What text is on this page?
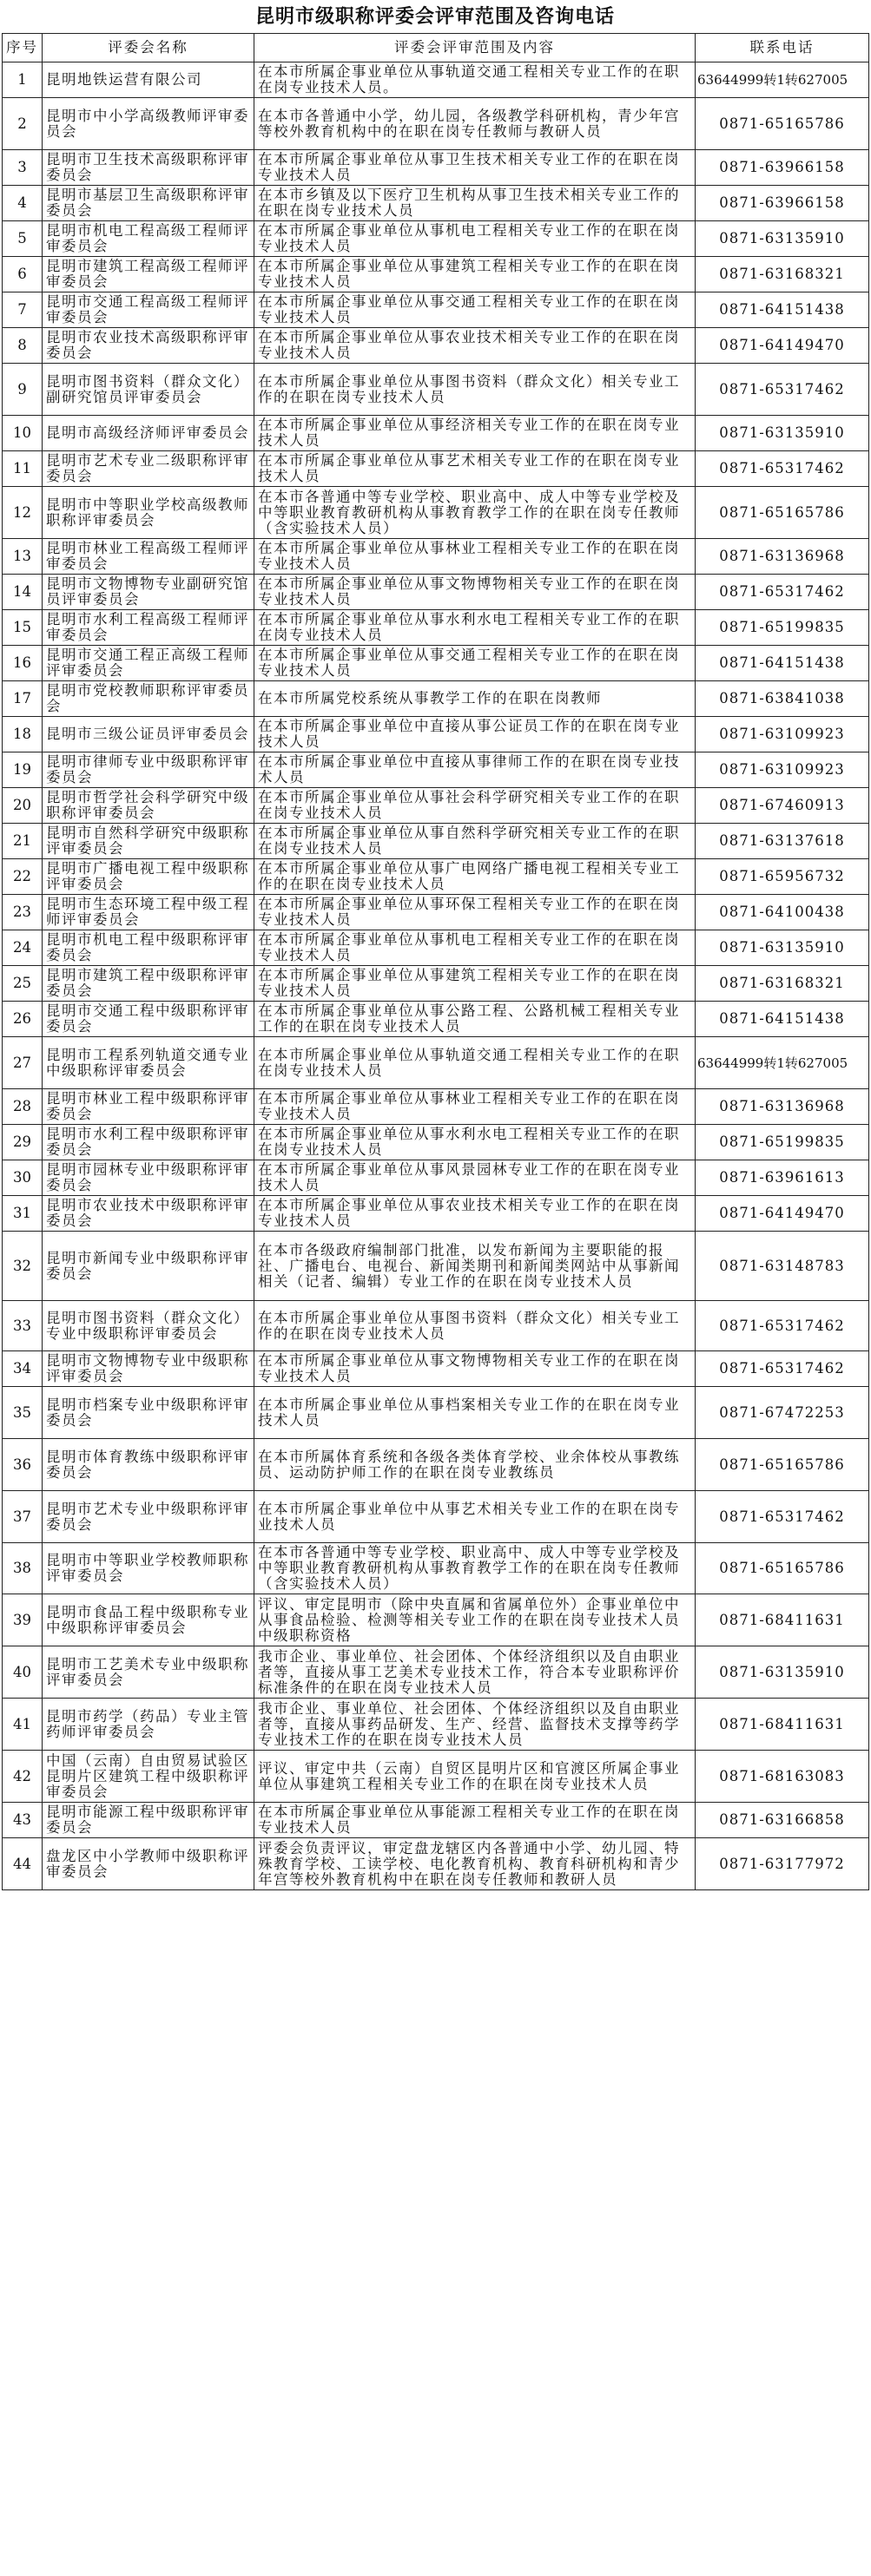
昆明市级职称评委会评审范围及咨询电话
序号	评委会名称	评委会评审范围及内容	联系电话
1	昆明地铁运营有限公司	在本市所属企事业单位从事轨道交通工程相关专业工作的在职在岗专业技术人员。	63644999转1转627005
2	昆明市中小学高级教师评审委员会	在本市各普通中小学，幼儿园，各级教学科研机构，青少年宫等校外教育机构中的在职在岗专任教师与教研人员	0871-65165786
3	昆明市卫生技术高级职称评审委员会	在本市所属企事业单位从事卫生技术相关专业工作的在职在岗专业技术人员	0871-63966158
4	昆明市基层卫生高级职称评审委员会	在本市乡镇及以下医疗卫生机构从事卫生技术相关专业工作的在职在岗专业技术人员	0871-63966158
5	昆明市机电工程高级工程师评审委员会	在本市所属企事业单位从事机电工程相关专业工作的在职在岗专业技术人员	0871-63135910
6	昆明市建筑工程高级工程师评审委员会	在本市所属企事业单位从事建筑工程相关专业工作的在职在岗专业技术人员	0871-63168321
7	昆明市交通工程高级工程师评审委员会	在本市所属企事业单位从事交通工程相关专业工作的在职在岗专业技术人员	0871-64151438
8	昆明市农业技术高级职称评审委员会	在本市所属企事业单位从事农业技术相关专业工作的在职在岗专业技术人员	0871-64149470
9	昆明市图书资料（群众文化）副研究馆员评审委员会	在本市所属企事业单位从事图书资料（群众文化）相关专业工作的在职在岗专业技术人员	0871-65317462
10	昆明市高级经济师评审委员会	在本市所属企事业单位从事经济相关专业工作的在职在岗专业技术人员	0871-63135910
11	昆明市艺术专业二级职称评审委员会	在本市所属企事业单位从事艺术相关专业工作的在职在岗专业技术人员	0871-65317462
12	昆明市中等职业学校高级教师职称评审委员会	在本市各普通中等专业学校、职业高中、成人中等专业学校及中等职业教育教研机构从事教育教学工作的在职在岗专任教师（含实验技术人员）	0871-65165786
13	昆明市林业工程高级工程师评审委员会	在本市所属企事业单位从事林业工程相关专业工作的在职在岗专业技术人员	0871-63136968
14	昆明市文物博物专业副研究馆员评审委员会	在本市所属企事业单位从事文物博物相关专业工作的在职在岗专业技术人员	0871-65317462
15	昆明市水利工程高级工程师评审委员会	在本市所属企事业单位从事水利水电工程相关专业工作的在职在岗专业技术人员	0871-65199835
16	昆明市交通工程正高级工程师评审委员会	在本市所属企事业单位从事交通工程相关专业工作的在职在岗专业技术人员	0871-64151438
17	昆明市党校教师职称评审委员会	在本市所属党校系统从事教学工作的在职在岗教师	0871-63841038
18	昆明市三级公证员评审委员会	在本市所属企事业单位中直接从事公证员工作的在职在岗专业技术人员	0871-63109923
19	昆明市律师专业中级职称评审委员会	在本市所属企事业单位中直接从事律师工作的在职在岗专业技术人员	0871-63109923
20	昆明市哲学社会科学研究中级职称评审委员会	在本市所属企事业单位从事社会科学研究相关专业工作的在职在岗专业技术人员	0871-67460913
21	昆明市自然科学研究中级职称评审委员会	在本市所属企事业单位从事自然科学研究相关专业工作的在职在岗专业技术人员	0871-63137618
22	昆明市广播电视工程中级职称评审委员会	在本市所属企事业单位从事广电网络广播电视工程相关专业工作的在职在岗专业技术人员	0871-65956732
23	昆明市生态环境工程中级工程师评审委员会	在本市所属企事业单位从事环保工程相关专业工作的在职在岗专业技术人员	0871-64100438
24	昆明市机电工程中级职称评审委员会	在本市所属企事业单位从事机电工程相关专业工作的在职在岗专业技术人员	0871-63135910
25	昆明市建筑工程中级职称评审委员会	在本市所属企事业单位从事建筑工程相关专业工作的在职在岗专业技术人员	0871-63168321
26	昆明市交通工程中级职称评审委员会	在本市所属企事业单位从事公路工程、公路机械工程相关专业工作的在职在岗专业技术人员	0871-64151438
27	昆明市工程系列轨道交通专业中级职称评审委员会	在本市所属企事业单位从事轨道交通工程相关专业工作的在职在岗专业技术人员	63644999转1转627005
28	昆明市林业工程中级职称评审委员会	在本市所属企事业单位从事林业工程相关专业工作的在职在岗专业技术人员	0871-63136968
29	昆明市水利工程中级职称评审委员会	在本市所属企事业单位从事水利水电工程相关专业工作的在职在岗专业技术人员	0871-65199835
30	昆明市园林专业中级职称评审委员会	在本市所属企事业单位从事风景园林专业工作的在职在岗专业技术人员	0871-63961613
31	昆明市农业技术中级职称评审委员会	在本市所属企事业单位从事农业技术相关专业工作的在职在岗专业技术人员	0871-64149470
32	昆明市新闻专业中级职称评审委员会	在本市各级政府编制部门批准，以发布新闻为主要职能的报社、广播电台、电视台、新闻类期刊和新闻类网站中从事新闻相关（记者、编辑）专业工作的在职在岗专业技术人员	0871-63148783
33	昆明市图书资料（群众文化）专业中级职称评审委员会	在本市所属企事业单位从事图书资料（群众文化）相关专业工作的在职在岗专业技术人员	0871-65317462
34	昆明市文物博物专业中级职称评审委员会	在本市所属企事业单位从事文物博物相关专业工作的在职在岗专业技术人员	0871-65317462
35	昆明市档案专业中级职称评审委员会	在本市所属企事业单位从事档案相关专业工作的在职在岗专业技术人员	0871-67472253
36	昆明市体育教练中级职称评审委员会	在本市所属体育系统和各级各类体育学校、业余体校从事教练员、运动防护师工作的在职在岗专业教练员	0871-65165786
37	昆明市艺术专业中级职称评审委员会	在本市所属企事业单位中从事艺术相关专业工作的在职在岗专业技术人员	0871-65317462
38	昆明市中等职业学校教师职称评审委员会	在本市各普通中等专业学校、职业高中、成人中等专业学校及中等职业教育教研机构从事教育教学工作的在职在岗专任教师（含实验技术人员）	0871-65165786
39	昆明市食品工程中级职称专业中级职称评审委员会	评议、审定昆明市（除中央直属和省属单位外）企事业单位中从事食品检验、检测等相关专业工作的在职在岗专业技术人员中级职称资格	0871-68411631
40	昆明市工艺美术专业中级职称评审委员会	我市企业、事业单位、社会团体、个体经济组织以及自由职业者等，直接从事工艺美术专业技术工作，符合本专业职称评价标准条件的在职在岗专业技术人员	0871-63135910
41	昆明市药学（药品）专业主管药师评审委员会	我市企业、事业单位、社会团体、个体经济组织以及自由职业者等，直接从事药品研发、生产、经营、监督技术支撑等药学专业技术工作的在职在岗专业技术人员	0871-68411631
42	中国（云南）自由贸易试验区昆明片区建筑工程中级职称评审委员会	评议、审定中共（云南）自贸区昆明片区和官渡区所属企事业单位从事建筑工程相关专业工作的在职在岗专业技术人员	0871-68163083
43	昆明市能源工程中级职称评审委员会	在本市所属企事业单位从事能源工程相关专业工作的在职在岗专业技术人员	0871-63166858
44	盘龙区中小学教师中级职称评审委员会	评委会负责评议，审定盘龙辖区内各普通中小学、幼儿园、特殊教育学校、工读学校、电化教育机构、教育科研机构和青少年宫等校外教育机构中在职在岗专任教师和教研人员	0871-63177972
